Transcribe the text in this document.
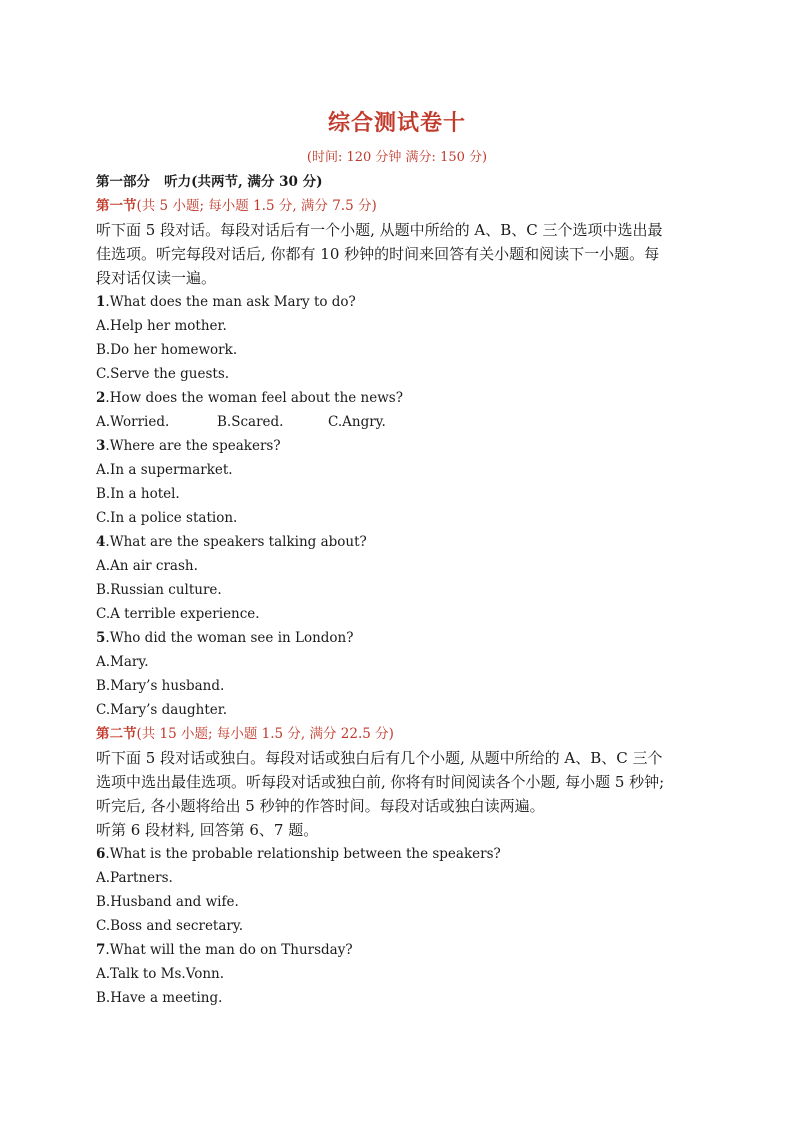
综合测试卷十
(时间: 120 分钟 满分: 150 分)
第一部分 听力(共两节, 满分 30 分)
第一节(共 5 小题; 每小题 1.5 分, 满分 7.5 分)
听下面 5 段对话。每段对话后有一个小题, 从题中所给的 A、B、C 三个选项中选出最
佳选项。听完每段对话后, 你都有 10 秒钟的时间来回答有关小题和阅读下一小题。每
段对话仅读一遍。
1.What does the man ask Mary to do?
A.Help her mother.
B.Do her homework.
C.Serve the guests.
2.How does the woman feel about the news?
A.Worried.	B.Scared.	C.Angry.
3.Where are the speakers?
A.In a supermarket.
B.In a hotel.
C.In a police station.
4.What are the speakers talking about?
A.An air crash.
B.Russian culture.
C.A terrible experience.
5.Who did the woman see in London?
A.Mary.
B.Mary’s husband.
C.Mary’s daughter.
第二节(共 15 小题; 每小题 1.5 分, 满分 22.5 分)
听下面 5 段对话或独白。每段对话或独白后有几个小题, 从题中所给的 A、B、C 三个
选项中选出最佳选项。听每段对话或独白前, 你将有时间阅读各个小题, 每小题 5 秒钟;
听完后, 各小题将给出 5 秒钟的作答时间。每段对话或独白读两遍。
听第 6 段材料, 回答第 6、7 题。
6.What is the probable relationship between the speakers?
A.Partners.
B.Husband and wife.
C.Boss and secretary.
7.What will the man do on Thursday?
A.Talk to Ms.Vonn.
B.Have a meeting.
